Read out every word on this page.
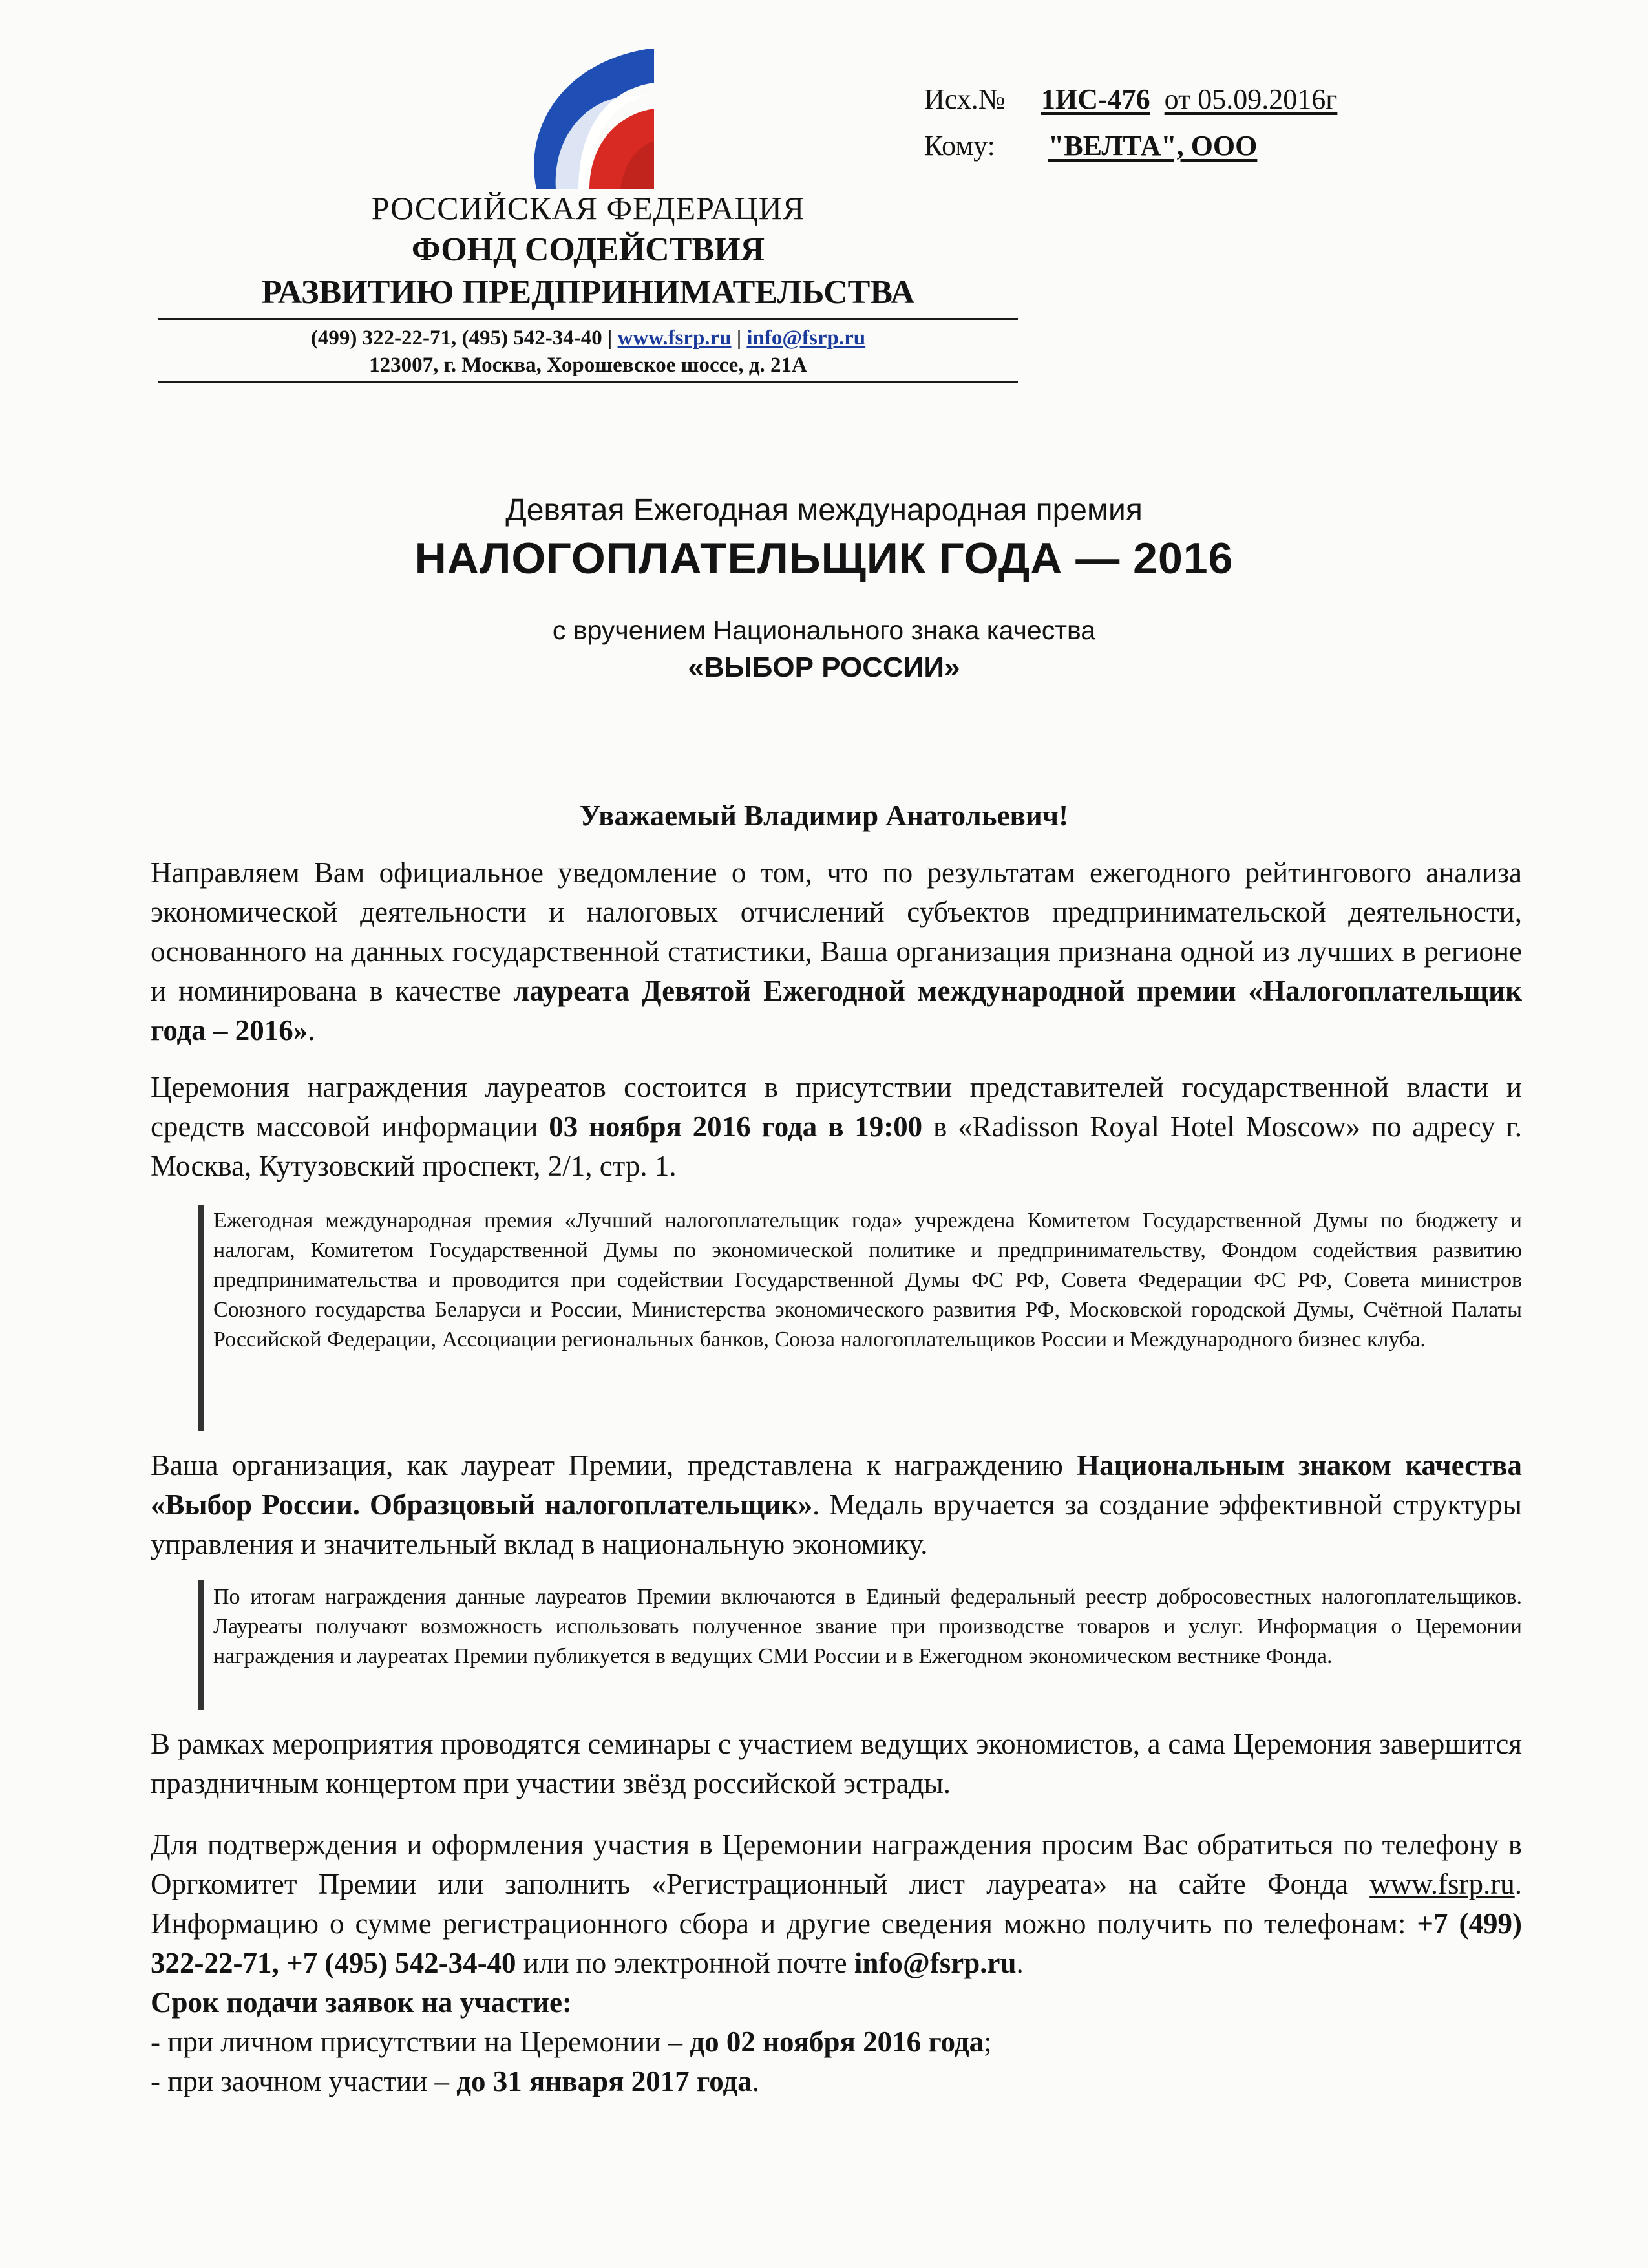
Исх.№ 1ИС-476 от 05.09.2016г
Кому: "ВЕЛТА", ООО
РОССИЙСКАЯ ФЕДЕРАЦИЯ
ФОНД СОДЕЙСТВИЯ
РАЗВИТИЮ ПРЕДПРИНИМАТЕЛЬСТВА
(499) 322-22-71, (495) 542-34-40 | www.fsrp.ru | info@fsrp.ru
123007, г. Москва, Хорошевское шоссе, д. 21А
Девятая Ежегодная международная премия
НАЛОГОПЛАТЕЛЬЩИК ГОДА — 2016
с вручением Национального знака качества
«ВЫБОР РОССИИ»
Уважаемый Владимир Анатольевич!
Направляем Вам официальное уведомление о том, что по результатам ежегодного рейтингового анализа экономической деятельности и налоговых отчислений субъектов предпринимательской деятельности, основанного на данных государственной статистики, Ваша организация признана одной из лучших в регионе и номинирована в качестве лауреата Девятой Ежегодной международной премии «Налогоплательщик года – 2016».
Церемония награждения лауреатов состоится в присутствии представителей государственной власти и средств массовой информации 03 ноября 2016 года в 19:00 в «Radisson Royal Hotel Moscow» по адресу г. Москва, Кутузовский проспект, 2/1, стр. 1.
Ежегодная международная премия «Лучший налогоплательщик года» учреждена Комитетом Государственной Думы по бюджету и налогам, Комитетом Государственной Думы по экономической политике и предпринимательству, Фондом содействия развитию предпринимательства и проводится при содействии Государственной Думы ФС РФ, Совета Федерации ФС РФ, Совета министров Союзного государства Беларуси и России, Министерства экономического развития РФ, Московской городской Думы, Счётной Палаты Российской Федерации, Ассоциации региональных банков, Союза налогоплательщиков России и Международного бизнес клуба.
Ваша организация, как лауреат Премии, представлена к награждению Национальным знаком качества «Выбор России. Образцовый налогоплательщик». Медаль вручается за создание эффективной структуры управления и значительный вклад в национальную экономику.
По итогам награждения данные лауреатов Премии включаются в Единый федеральный реестр добросовестных налогоплательщиков. Лауреаты получают возможность использовать полученное звание при производстве товаров и услуг. Информация о Церемонии награждения и лауреатах Премии публикуется в ведущих СМИ России и в Ежегодном экономическом вестнике Фонда.
В рамках мероприятия проводятся семинары с участием ведущих экономистов, а сама Церемония завершится праздничным концертом при участии звёзд российской эстрады.
Для подтверждения и оформления участия в Церемонии награждения просим Вас обратиться по телефону в Оргкомитет Премии или заполнить «Регистрационный лист лауреата» на сайте Фонда www.fsrp.ru. Информацию о сумме регистрационного сбора и другие сведения можно получить по телефонам: +7 (499) 322-22-71, +7 (495) 542-34-40 или по электронной почте info@fsrp.ru.
Срок подачи заявок на участие:
- при личном присутствии на Церемонии – до 02 ноября 2016 года;
- при заочном участии – до 31 января 2017 года.
